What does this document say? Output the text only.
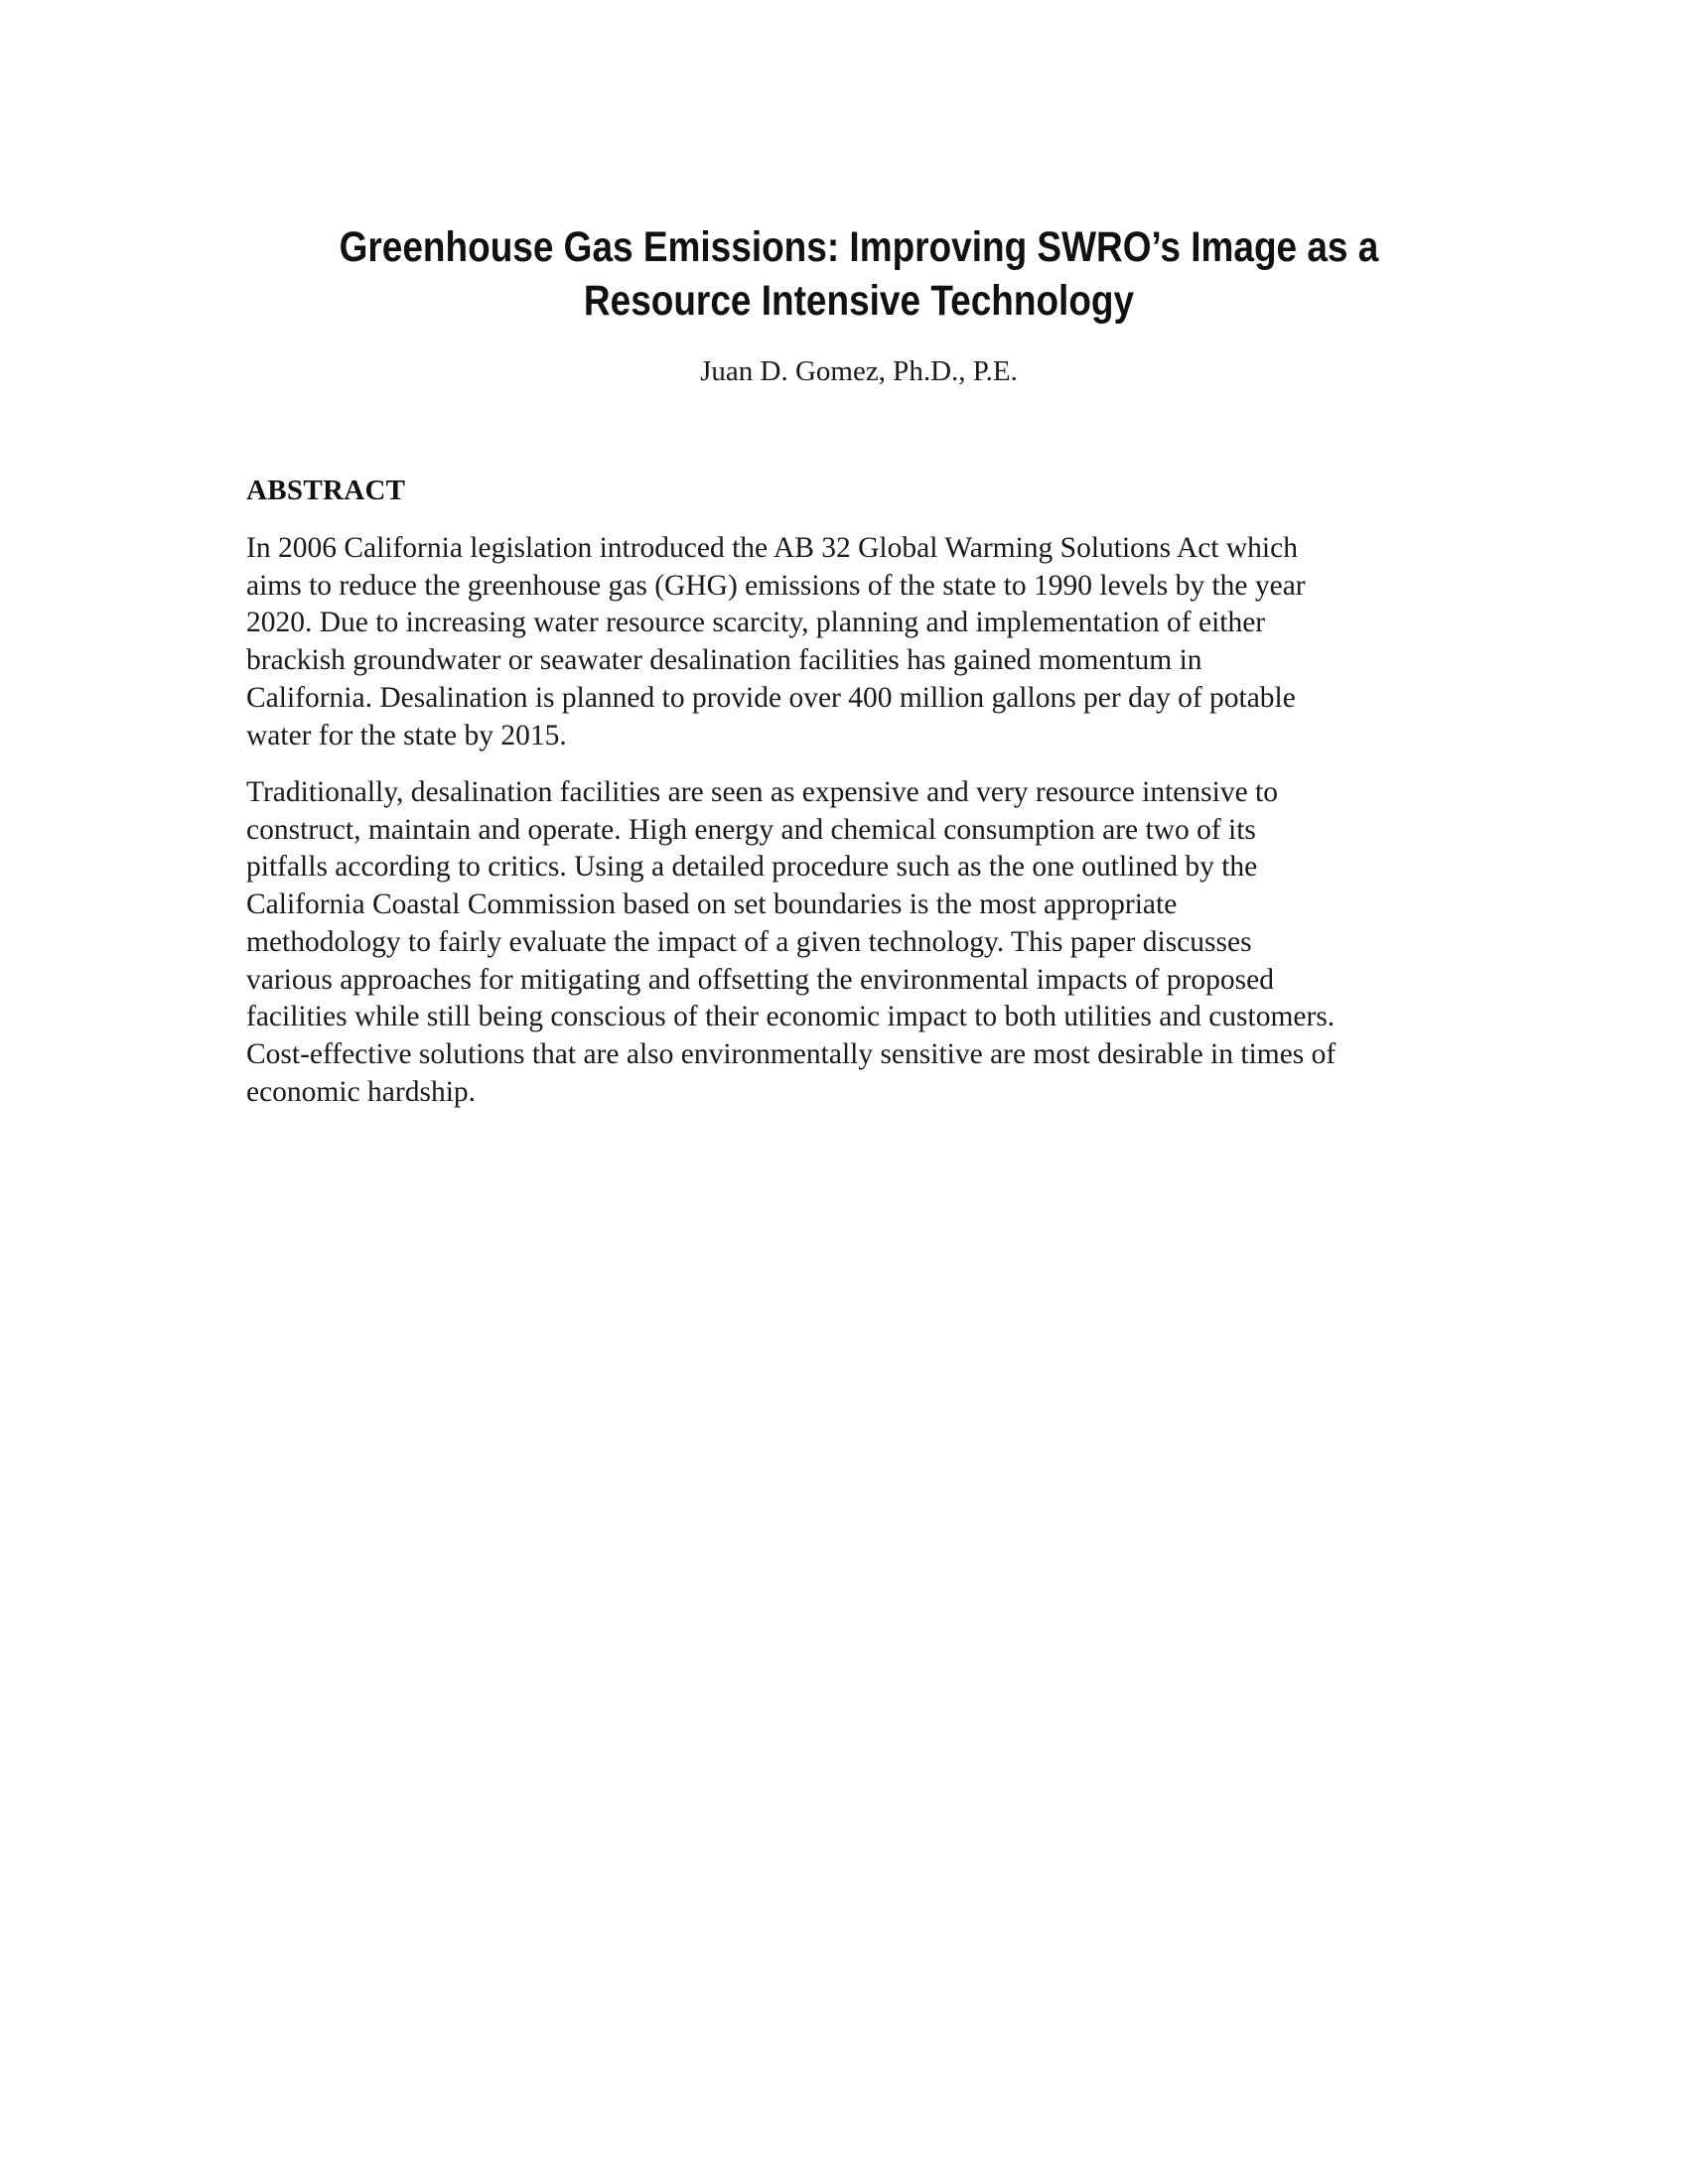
Greenhouse Gas Emissions: Improving SWRO’s Image as a
Resource Intensive Technology
Juan D. Gomez, Ph.D., P.E.
ABSTRACT

In 2006 California legislation introduced the AB 32 Global Warming Solutions Act which
aims to reduce the greenhouse gas (GHG) emissions of the state to 1990 levels by the year
2020. Due to increasing water resource scarcity, planning and implementation of either
brackish groundwater or seawater desalination facilities has gained momentum in
California. Desalination is planned to provide over 400 million gallons per day of potable
water for the state by 2015.

Traditionally, desalination facilities are seen as expensive and very resource intensive to
construct, maintain and operate. High energy and chemical consumption are two of its
pitfalls according to critics. Using a detailed procedure such as the one outlined by the
California Coastal Commission based on set boundaries is the most appropriate
methodology to fairly evaluate the impact of a given technology. This paper discusses
various approaches for mitigating and offsetting the environmental impacts of proposed
facilities while still being conscious of their economic impact to both utilities and customers.
Cost-effective solutions that are also environmentally sensitive are most desirable in times of
economic hardship.
